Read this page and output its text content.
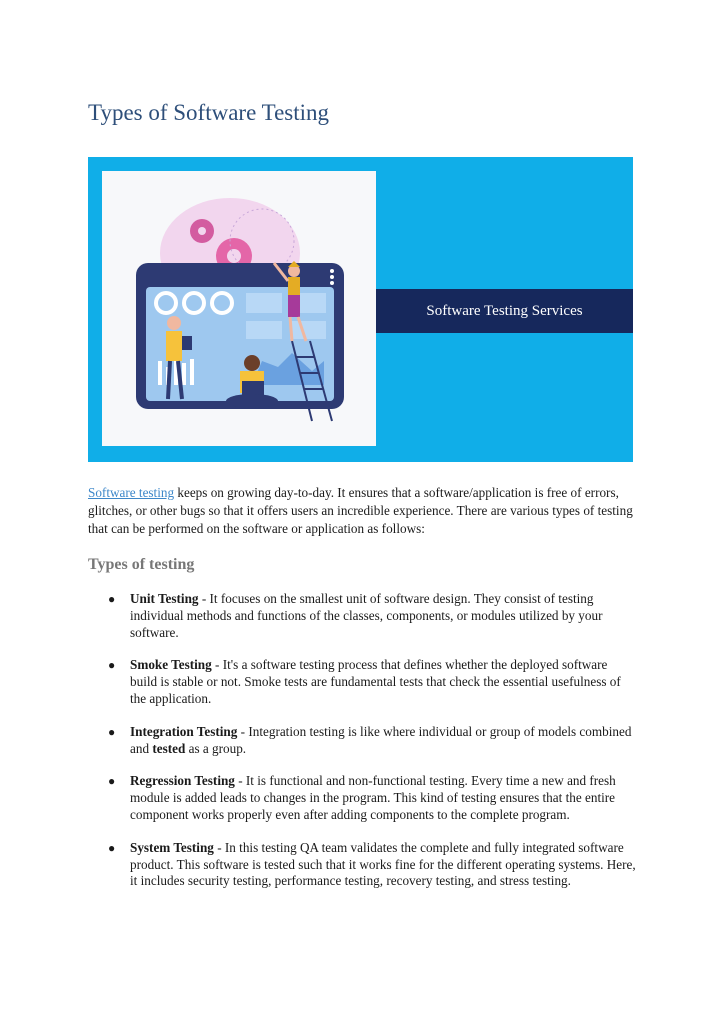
Types of Software Testing
Software Testing Services

Software testing keeps on growing day-to-day. It ensures that a software/application is free of errors, glitches, or other bugs so that it offers users an incredible experience. There are various types of testing that can be performed on the software or application as follows:

Types of testing
● Unit Testing - It focuses on the smallest unit of software design. They consist of testing individual methods and functions of the classes, components, or modules utilized by your software.
● Smoke Testing - It's a software testing process that defines whether the deployed software build is stable or not. Smoke tests are fundamental tests that check the essential usefulness of the application.
● Integration Testing - Integration testing is like where individual or group of models combined and tested as a group.
● Regression Testing - It is functional and non-functional testing. Every time a new and fresh module is added leads to changes in the program. This kind of testing ensures that the entire component works properly even after adding components to the complete program.
● System Testing - In this testing QA team validates the complete and fully integrated software product. This software is tested such that it works fine for the different operating systems. Here, it includes security testing, performance testing, recovery testing, and stress testing.
